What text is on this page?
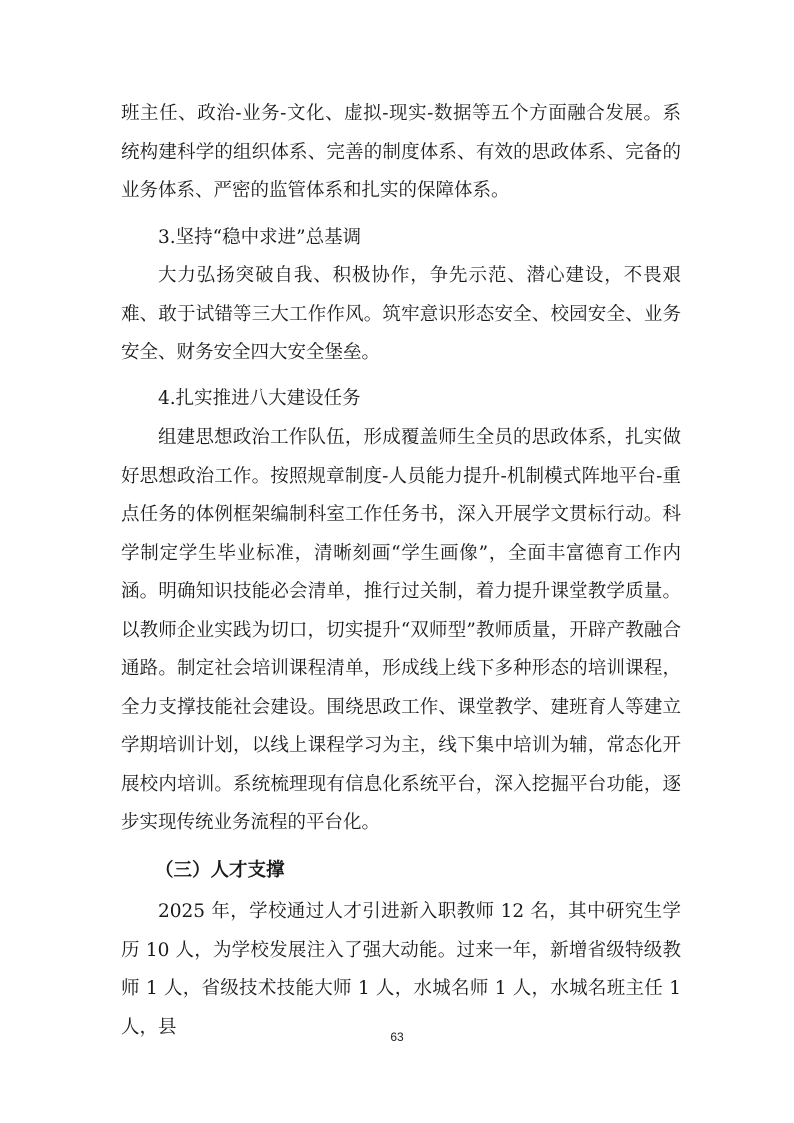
班主任、政治-业务-文化、虚拟-现实-数据等五个方面融合发展。系统构建科学的组织体系、完善的制度体系、有效的思政体系、完备的业务体系、严密的监管体系和扎实的保障体系。

3.坚持“稳中求进”总基调

大力弘扬突破自我、积极协作，争先示范、潜心建设，不畏艰难、敢于试错等三大工作作风。筑牢意识形态安全、校园安全、业务安全、财务安全四大安全堡垒。

4.扎实推进八大建设任务

组建思想政治工作队伍，形成覆盖师生全员的思政体系，扎实做好思想政治工作。按照规章制度-人员能力提升-机制模式阵地平台-重点任务的体例框架编制科室工作任务书，深入开展学文贯标行动。科学制定学生毕业标准，清晰刻画“学生画像”，全面丰富德育工作内涵。明确知识技能必会清单，推行过关制，着力提升课堂教学质量。以教师企业实践为切口，切实提升“双师型”教师质量，开辟产教融合通路。制定社会培训课程清单，形成线上线下多种形态的培训课程，全力支撑技能社会建设。围绕思政工作、课堂教学、建班育人等建立学期培训计划，以线上课程学习为主，线下集中培训为辅，常态化开展校内培训。系统梳理现有信息化系统平台，深入挖掘平台功能，逐步实现传统业务流程的平台化。

（三）人才支撑

2025 年，学校通过人才引进新入职教师 12 名，其中研究生学历 10 人，为学校发展注入了强大动能。过来一年，新增省级特级教师 1 人，省级技术技能大师 1 人，水城名师 1 人，水城名班主任 1 人，县	63
